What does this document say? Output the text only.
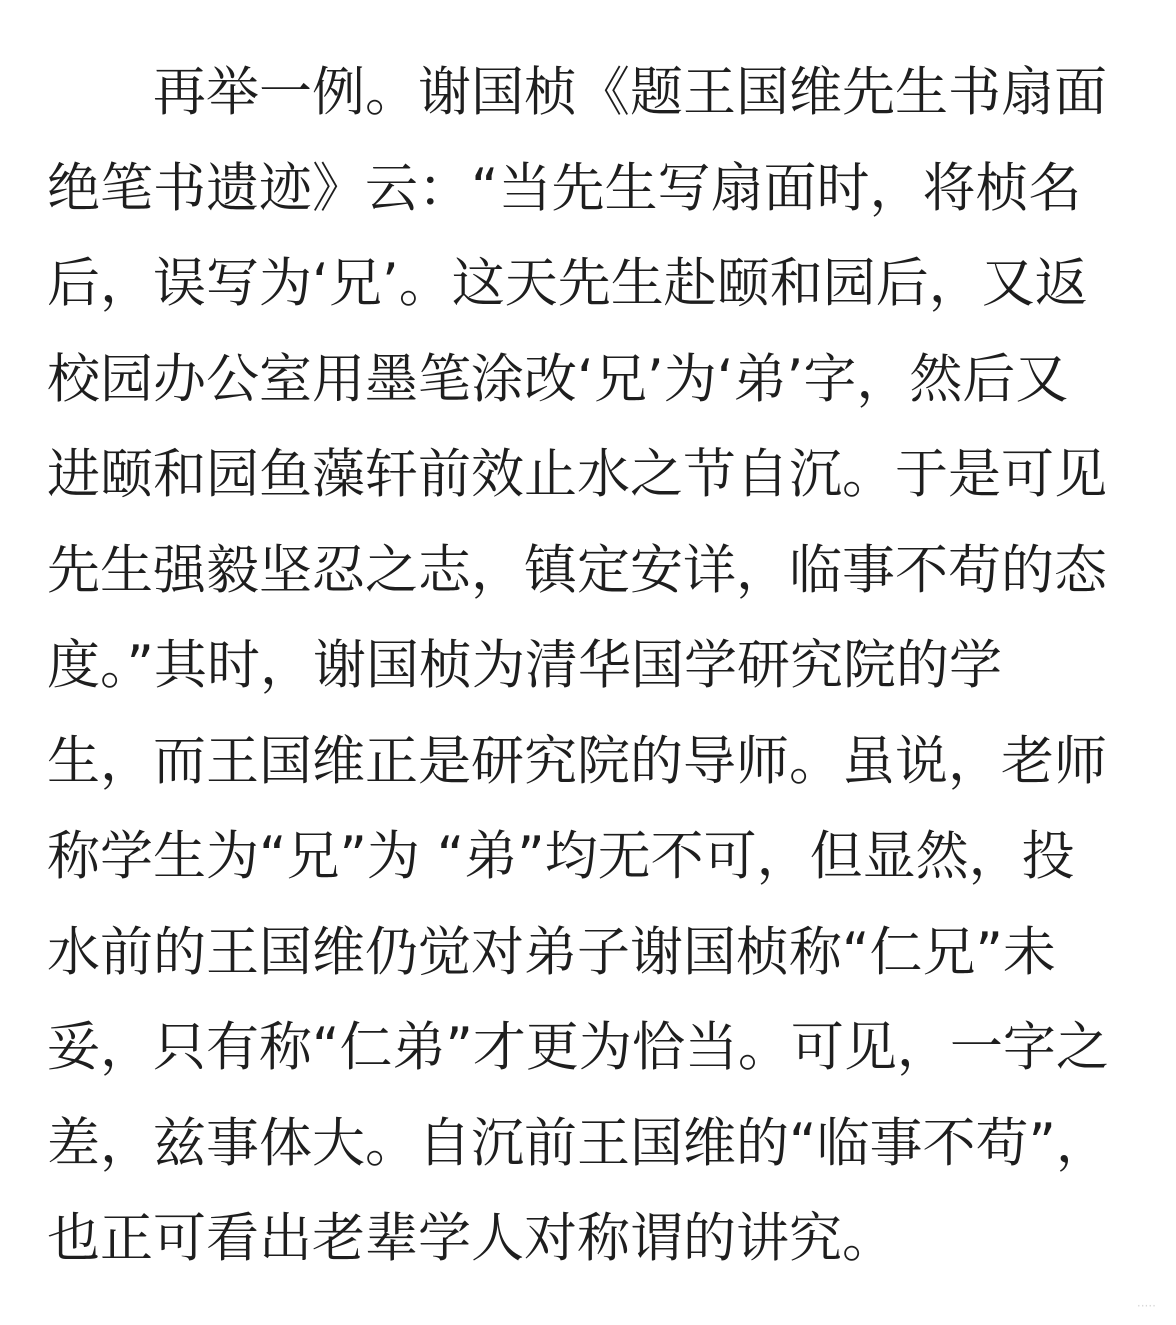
再举一例。谢国桢《题王国维先生书扇面
绝笔书遗迹》云：“当先生写扇面时，将桢名
后，误写为‘兄’。这天先生赴颐和园后，又返
校园办公室用墨笔涂改‘兄’为‘弟’字，然后又
进颐和园鱼藻轩前效止水之节自沉。于是可见
先生强毅坚忍之志，镇定安详，临事不苟的态
度。”其时，谢国桢为清华国学研究院的学
生，而王国维正是研究院的导师。虽说，老师
称学生为“兄”为 “弟”均无不可，但显然，投
水前的王国维仍觉对弟子谢国桢称“仁兄”未
妥，只有称“仁弟”才更为恰当。可见，一字之
差，兹事体大。自沉前王国维的“临事不苟”，
也正可看出老辈学人对称谓的讲究。
·····
